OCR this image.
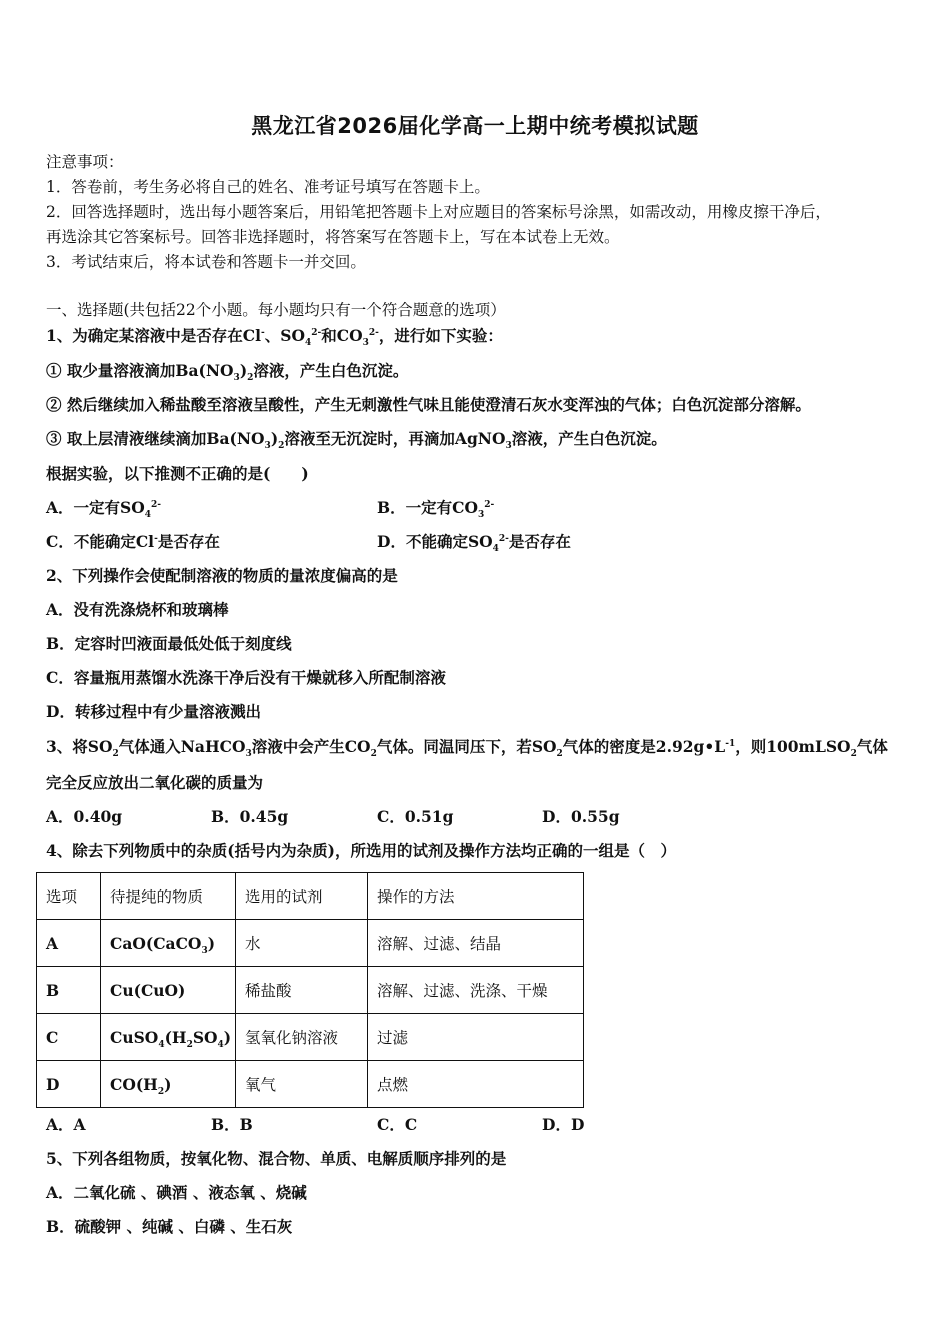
黑龙江省2026届化学高一上期中统考模拟试题
注意事项：
1．答卷前，考生务必将自己的姓名、准考证号填写在答题卡上。
2．回答选择题时，选出每小题答案后，用铅笔把答题卡上对应题目的答案标号涂黑，如需改动，用橡皮擦干净后，
再选涂其它答案标号。回答非选择题时，将答案写在答题卡上，写在本试卷上无效。
3．考试结束后，将本试卷和答题卡一并交回。
一、选择题(共包括22个小题。每小题均只有一个符合题意的选项）
1、为确定某溶液中是否存在Cl-、$SO_4^{2-}$和$CO_3^{2-}$，进行如下实验：
① 取少量溶液滴加$Ba(NO_3)_2$溶液，产生白色沉淀。
② 然后继续加入稀盐酸至溶液呈酸性，产生无刺激性气味且能使澄清石灰水变浑浊的气体；白色沉淀部分溶解。
③ 取上层清液继续滴加$Ba(NO_3)_2$溶液至无沉淀时，再滴加AgNO$_3$溶液，产生白色沉淀。
根据实验，以下推测不正确的是(　　)
A．一定有$SO_4^{2-}$	B．一定有$CO_3^{2-}$
C．不能确定Cl-是否存在	D．不能确定$SO_4^{2-}$是否存在
2、下列操作会使配制溶液的物质的量浓度偏高的是
A．没有洗涤烧杯和玻璃棒
B．定容时凹液面最低处低于刻度线
C．容量瓶用蒸馏水洗涤干净后没有干燥就移入所配制溶液
D．转移过程中有少量溶液溅出
3、将$SO_2$气体通入NaHCO$_3$溶液中会产生$CO_2$气体。同温同压下，若$SO_2$气体的密度是$2.92g•L^{-1}$，则100mLSO$_2$气体
完全反应放出二氧化碳的质量为
A．0.40g	B．0.45g	C．0.51g	D．0.55g
4、除去下列物质中的杂质(括号内为杂质)，所选用的试剂及操作方法均正确的一组是（　）
选项	待提纯的物质	选用的试剂	操作的方法
A	CaO(CaCO$_3$)	水	溶解、过滤、结晶
B	Cu(CuO)	稀盐酸	溶解、过滤、洗涤、干燥
C	$CuSO_4(H_2SO_4)$	氢氧化钠溶液	过滤
D	$CO(H_2)$	氧气	点燃
A．A	B．B	C．C	D．D
5、下列各组物质，按氧化物、混合物、单质、电解质顺序排列的是
A．二氧化硫 、碘酒 、液态氧 、烧碱
B．硫酸钾 、纯碱 、白磷 、生石灰
